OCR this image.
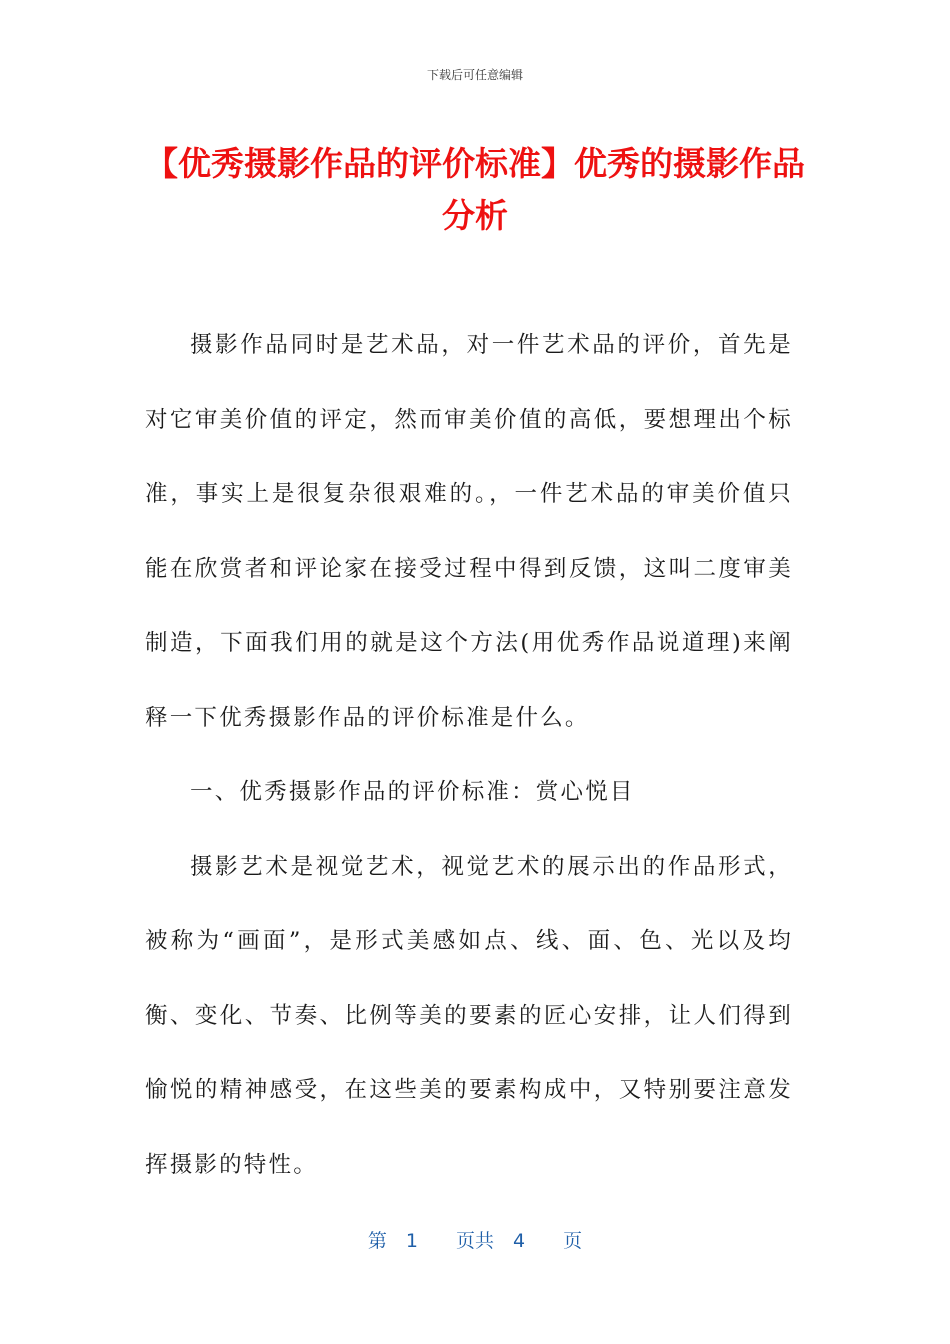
下载后可任意编辑
【优秀摄影作品的评价标准】优秀的摄影作品分析

摄影作品同时是艺术品，对一件艺术品的评价，首先是对它审美价值的评定，然而审美价值的高低，要想理出个标准，事实上是很复杂很艰难的。，一件艺术品的审美价值只能在欣赏者和评论家在接受过程中得到反馈，这叫二度审美制造，下面我们用的就是这个方法(用优秀作品说道理)来阐释一下优秀摄影作品的评价标准是什么。

一、优秀摄影作品的评价标准：赏心悦目

摄影艺术是视觉艺术，视觉艺术的展示出的作品形式，被称为“画面”，是形式美感如点、线、面、色、光以及均衡、变化、节奏、比例等美的要素的匠心安排，让人们得到愉悦的精神感受，在这些美的要素构成中，又特别要注意发挥摄影的特性。

第　1　　页共　4　　页
